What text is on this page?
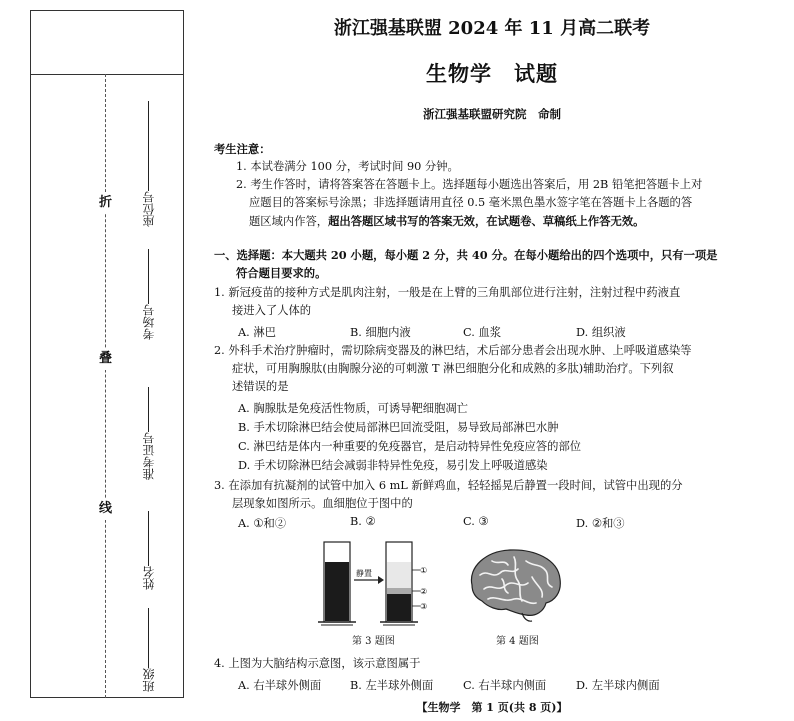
折
叠
线
座位号
考场号
准考证号
姓名
班级
浙江强基联盟 2024 年 11 月高二联考
生物学　试题
浙江强基联盟研究院　命制
考生注意：
1. 本试卷满分 100 分，考试时间 90 分钟。
2. 考生作答时，请将答案答在答题卡上。选择题每小题选出答案后，用 2B 铅笔把答题卡上对
应题目的答案标号涂黑；非选择题请用直径 0.5 毫米黑色墨水签字笔在答题卡上各题的答
题区域内作答，超出答题区域书写的答案无效，在试题卷、草稿纸上作答无效。
一、选择题：本大题共 20 小题，每小题 2 分，共 40 分。在每小题给出的四个选项中，只有一项是
符合题目要求的。
1. 新冠疫苗的接种方式是肌肉注射，一般是在上臂的三角肌部位进行注射，注射过程中药液直
接进入了人体的
A. 淋巴	B. 细胞内液	C. 血浆	D. 组织液
2. 外科手术治疗肿瘤时，需切除病变器及的淋巴结，术后部分患者会出现水肿、上呼吸道感染等
症状，可用胸腺肽(由胸腺分泌的可刺激 T 淋巴细胞分化和成熟的多肽)辅助治疗。下列叙
述错误的是
A. 胸腺肽是免疫活性物质，可诱导靶细胞凋亡
B. 手术切除淋巴结会使局部淋巴回流受阻，易导致局部淋巴水肿
C. 淋巴结是体内一种重要的免疫器官，是启动特异性免疫应答的部位
D. 手术切除淋巴结会减弱非特异性免疫，易引发上呼吸道感染
3. 在添加有抗凝剂的试管中加入 6 mL 新鲜鸡血，轻轻摇晃后静置一段时间，试管中出现的分
层现象如图所示。血细胞位于图中的
A. ①和②	B. ②	C. ③	D. ②和③
静置	①
②
③
第 3 题图	第 4 题图
4. 上图为大脑结构示意图，该示意图属于
A. 右半球外侧面	B. 左半球外侧面	C. 右半球内侧面	D. 左半球内侧面
【生物学　第 1 页(共 8 页)】
